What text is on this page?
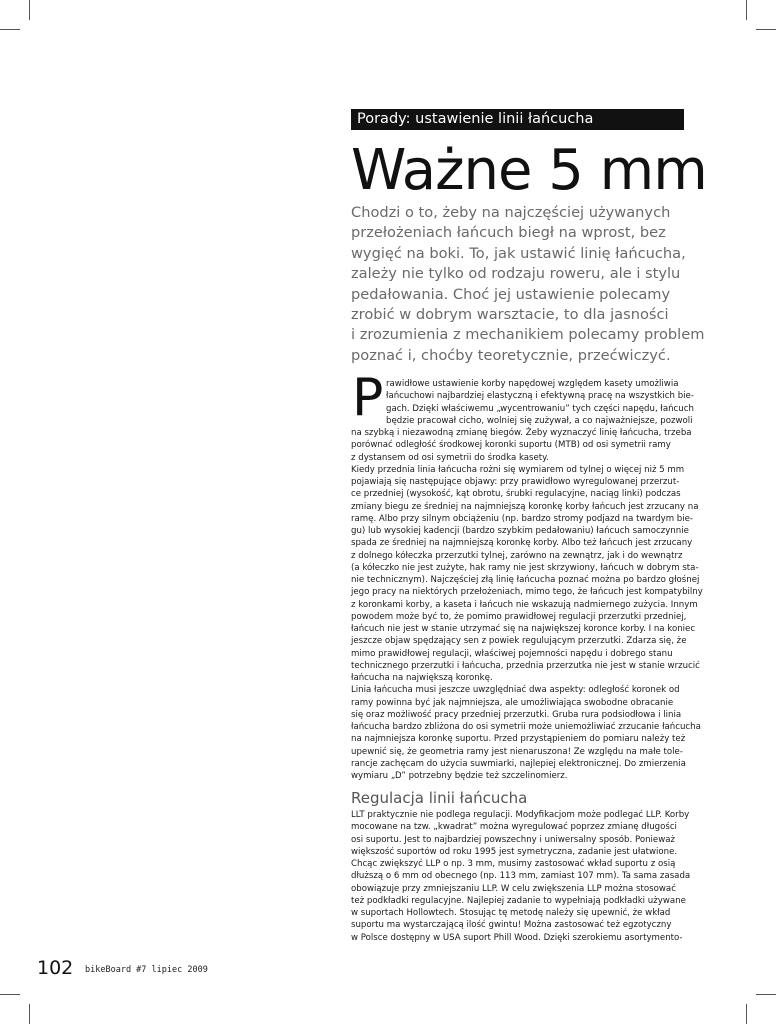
Porady: ustawienie linii łańcucha
Ważne 5 mm
Chodzi o to, żeby na najczęściej używanych
przełożeniach łańcuch biegł na wprost, bez
wygięć na boki. To, jak ustawić linię łańcucha,
zależy nie tylko od rodzaju roweru, ale i stylu
pedałowania. Choć jej ustawienie polecamy
zrobić w dobrym warsztacie, to dla jasności
i zrozumienia z mechanikiem polecamy problem
poznać i, choćby teoretycznie, przećwiczyć.
P rawidłowe ustawienie korby napędowej względem kasety umożliwia
łańcuchowi najbardziej elastyczną i efektywną pracę na wszystkich bie-
gach. Dzięki właściwemu „wycentrowaniu” tych części napędu, łańcuch
będzie pracował cicho, wolniej się zużywał, a co najważniejsze, pozwoli
na szybką i niezawodną zmianę biegów. Żeby wyznaczyć linię łańcucha, trzeba
porównać odległość środkowej koronki suportu (MTB) od osi symetrii ramy
z dystansem od osi symetrii do środka kasety.
Kiedy przednia linia łańcucha rożni się wymiarem od tylnej o więcej niż 5 mm
pojawiają się następujące objawy: przy prawidłowo wyregulowanej przerzut-
ce przedniej (wysokość, kąt obrotu, śrubki regulacyjne, naciąg linki) podczas
zmiany biegu ze średniej na najmniejszą koronkę korby łańcuch jest zrzucany na
ramę. Albo przy silnym obciążeniu (np. bardzo stromy podjazd na twardym bie-
gu) lub wysokiej kadencji (bardzo szybkim pedałowaniu) łańcuch samoczynnie
spada ze średniej na najmniejszą koronkę korby. Albo też łańcuch jest zrzucany
z dolnego kółeczka przerzutki tylnej, zarówno na zewnątrz, jak i do wewnątrz
(a kółeczko nie jest zużyte, hak ramy nie jest skrzywiony, łańcuch w dobrym sta-
nie technicznym). Najczęściej złą linię łańcucha poznać można po bardzo głośnej
jego pracy na niektórych przełożeniach, mimo tego, że łańcuch jest kompatybilny
z koronkami korby, a kaseta i łańcuch nie wskazują nadmiernego zużycia. Innym
powodem może być to, że pomimo prawidłowej regulacji przerzutki przedniej,
łańcuch nie jest w stanie utrzymać się na największej koronce korby. I na koniec
jeszcze objaw spędzający sen z powiek regulującym przerzutki. Zdarza się, że
mimo prawidłowej regulacji, właściwej pojemności napędu i dobrego stanu
technicznego przerzutki i łańcucha, przednia przerzutka nie jest w stanie wrzucić
łańcucha na największą koronkę.
Linia łańcucha musi jeszcze uwzględniać dwa aspekty: odległość koronek od
ramy powinna być jak najmniejsza, ale umożliwiająca swobodne obracanie
się oraz możliwość pracy przedniej przerzutki. Gruba rura podsiodłowa i linia
łańcucha bardzo zbliżona do osi symetrii może uniemożliwiać zrzucanie łańcucha
na najmniejsza koronkę suportu. Przed przystąpieniem do pomiaru należy też
upewnić się, że geometria ramy jest nienaruszona! Ze względu na małe tole-
rancje zachęcam do użycia suwmiarki, najlepiej elektronicznej. Do zmierzenia
wymiaru „D” potrzebny będzie też szczelinomierz.
Regulacja linii łańcucha
LLT praktycznie nie podlega regulacji. Modyfikacjom może podlegać LLP. Korby
mocowane na tzw. „kwadrat” można wyregulować poprzez zmianę długości
osi suportu. Jest to najbardziej powszechny i uniwersalny sposób. Ponieważ
większość suportów od roku 1995 jest symetryczna, zadanie jest ułatwione.
Chcąc zwiększyć LLP o np. 3 mm, musimy zastosować wkład suportu z osią
dłuższą o 6 mm od obecnego (np. 113 mm, zamiast 107 mm). Ta sama zasada
obowiązuje przy zmniejszaniu LLP. W celu zwiększenia LLP można stosować
też podkładki regulacyjne. Najlepiej zadanie to wypełniają podkładki używane
w suportach Hollowtech. Stosując tę metodę należy się upewnić, że wkład
suportu ma wystarczającą ilość gwintu! Można zastosować też egzotyczny
w Polsce dostępny w USA suport Phill Wood. Dzięki szerokiemu asortymento-
102 bikeBoard #7 lipiec 2009
